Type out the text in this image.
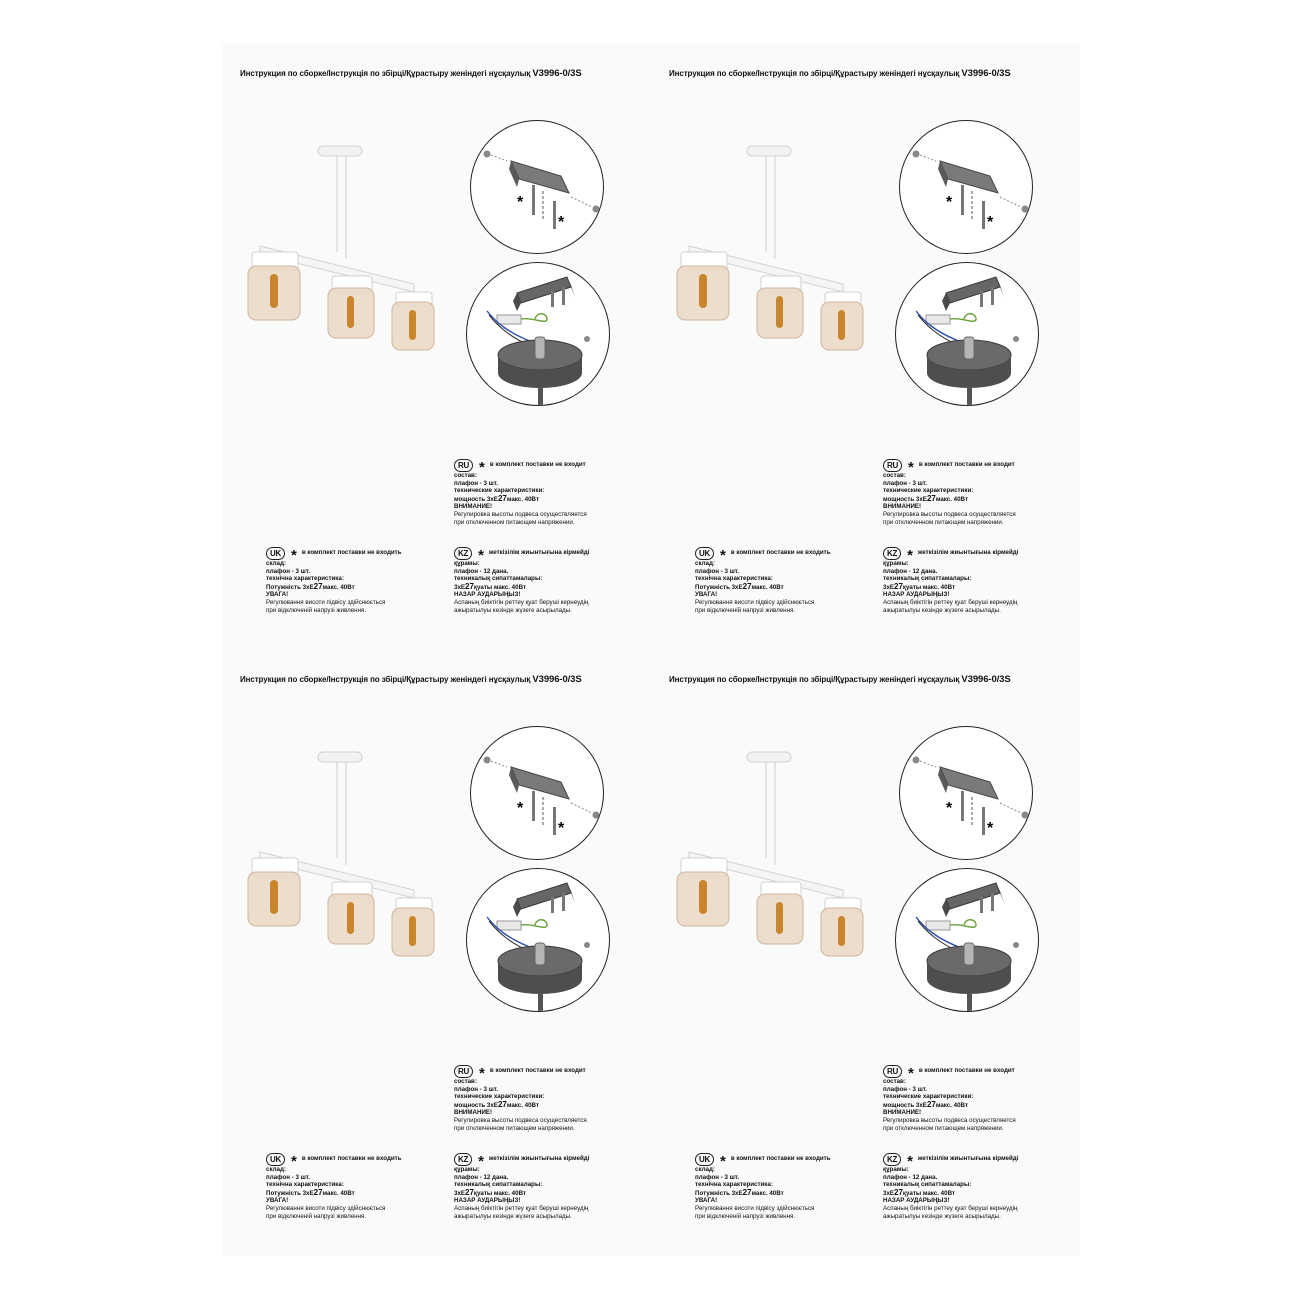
Инструкция по сборке/Інструкція по збірці/Құрастыру женіндегі нұсқаулық V3996-0/3S
*
*
RU * в комплект поставки не входит
состав:
плафон - 3 шт.
технические характеристики:
мощность 3xЕ27макс. 40Вт
ВНИМАНИЕ!
Регулировка высоты подвеса осуществляется
при отключенном питающем напряжении.
UK * в комплект поставки не входить
склад:
плафон - 3 шт.
технічна характеристика:
Потужність 3xЕ27макс. 40Вт
УВАГА!
Регулювання висоти підвісу здійснюється
при відключеній напрузі живлення.
KZ * жеткізілім жиынтығына кірмейді
құрамы:
плафон - 12 дана.
техникалық сипаттамалары:
3xЕ27қуаты макс. 40Вт
НАЗАР АУДАРЫҢЫЗ!
Аспаның биіктігін реттеу қуат беруші кернеудің
ажыратылуы кезінде жүзеге асырылады.
Инструкция по сборке/Інструкція по збірці/Құрастыру женіндегі нұсқаулық V3996-0/3S
*
*
RU * в комплект поставки не входит
состав:
плафон - 3 шт.
технические характеристики:
мощность 3xЕ27макс. 40Вт
ВНИМАНИЕ!
Регулировка высоты подвеса осуществляется
при отключенном питающем напряжении.
UK * в комплект поставки не входить
склад:
плафон - 3 шт.
технічна характеристика:
Потужність 3xЕ27макс. 40Вт
УВАГА!
Регулювання висоти підвісу здійснюється
при відключеній напрузі живлення.
KZ * жеткізілім жиынтығына кірмейді
құрамы:
плафон - 12 дана.
техникалық сипаттамалары:
3xЕ27қуаты макс. 40Вт
НАЗАР АУДАРЫҢЫЗ!
Аспаның биіктігін реттеу қуат беруші кернеудің
ажыратылуы кезінде жүзеге асырылады.
Инструкция по сборке/Інструкція по збірці/Құрастыру женіндегі нұсқаулық V3996-0/3S
*
*
RU * в комплект поставки не входит
состав:
плафон - 3 шт.
технические характеристики:
мощность 3xЕ27макс. 40Вт
ВНИМАНИЕ!
Регулировка высоты подвеса осуществляется
при отключенном питающем напряжении.
UK * в комплект поставки не входить
склад:
плафон - 3 шт.
технічна характеристика:
Потужність 3xЕ27макс. 40Вт
УВАГА!
Регулювання висоти підвісу здійснюється
при відключеній напрузі живлення.
KZ * жеткізілім жиынтығына кірмейді
құрамы:
плафон - 12 дана.
техникалық сипаттамалары:
3xЕ27қуаты макс. 40Вт
НАЗАР АУДАРЫҢЫЗ!
Аспаның биіктігін реттеу қуат беруші кернеудің
ажыратылуы кезінде жүзеге асырылады.
Инструкция по сборке/Інструкція по збірці/Құрастыру женіндегі нұсқаулық V3996-0/3S
*
*
RU * в комплект поставки не входит
состав:
плафон - 3 шт.
технические характеристики:
мощность 3xЕ27макс. 40Вт
ВНИМАНИЕ!
Регулировка высоты подвеса осуществляется
при отключенном питающем напряжении.
UK * в комплект поставки не входить
склад:
плафон - 3 шт.
технічна характеристика:
Потужність 3xЕ27макс. 40Вт
УВАГА!
Регулювання висоти підвісу здійснюється
при відключеній напрузі живлення.
KZ * жеткізілім жиынтығына кірмейді
құрамы:
плафон - 12 дана.
техникалық сипаттамалары:
3xЕ27қуаты макс. 40Вт
НАЗАР АУДАРЫҢЫЗ!
Аспаның биіктігін реттеу қуат беруші кернеудің
ажыратылуы кезінде жүзеге асырылады.
